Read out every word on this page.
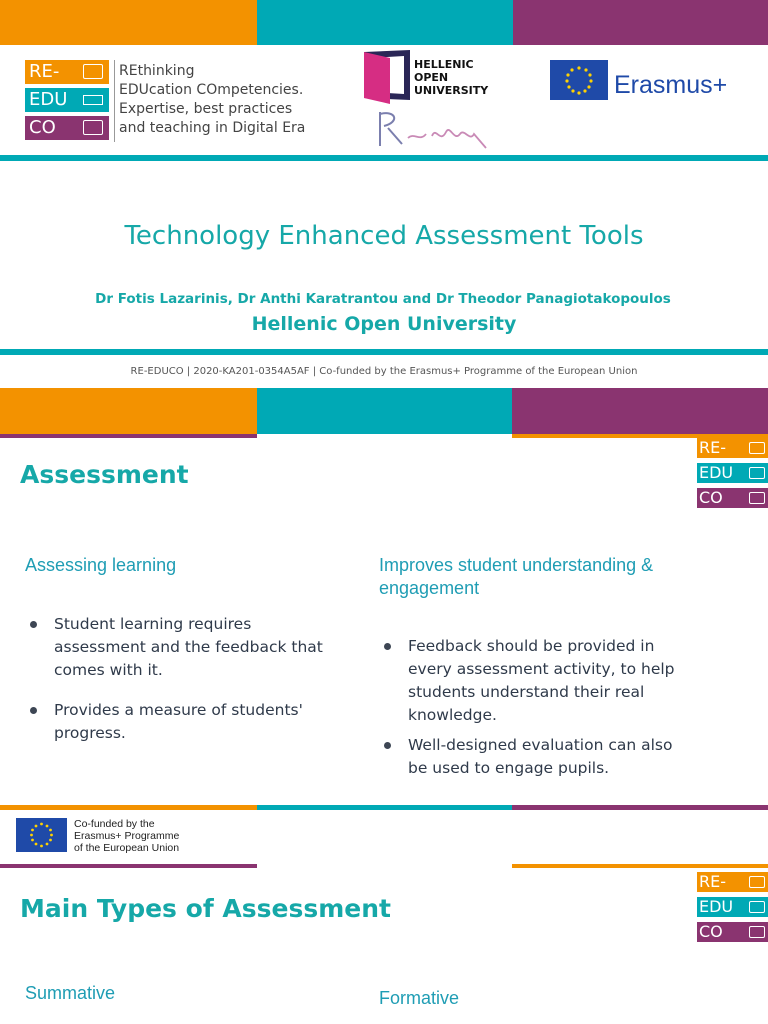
RE-
EDU
CO
REthinking
EDUcation COmpetencies.
Expertise, best practices
and teaching in Digital Era
HELLENIC
OPEN
UNIVERSITY	Erasmus+
Technology Enhanced Assessment Tools
Dr Fotis Lazarinis, Dr Anthi Karatrantou and Dr Theodor Panagiotakopoulos
Hellenic Open University
RE-EDUCO | 2020-KA201-0354A5AF | Co-funded by the Erasmus+ Programme of the European Union
Assessment
RE-
EDU
CO
Assessing learning
Student learning requires assessment and the feedback that comes with it.
Provides a measure of students' progress.
Improves student understanding & engagement
Feedback should be provided in every assessment activity, to help students understand their real knowledge.
Well-designed evaluation can also be used to engage pupils.
Co-funded by the
Erasmus+ Programme
of the European Union
Main Types of Assessment
RE-
EDU
CO
Summative	Formative
